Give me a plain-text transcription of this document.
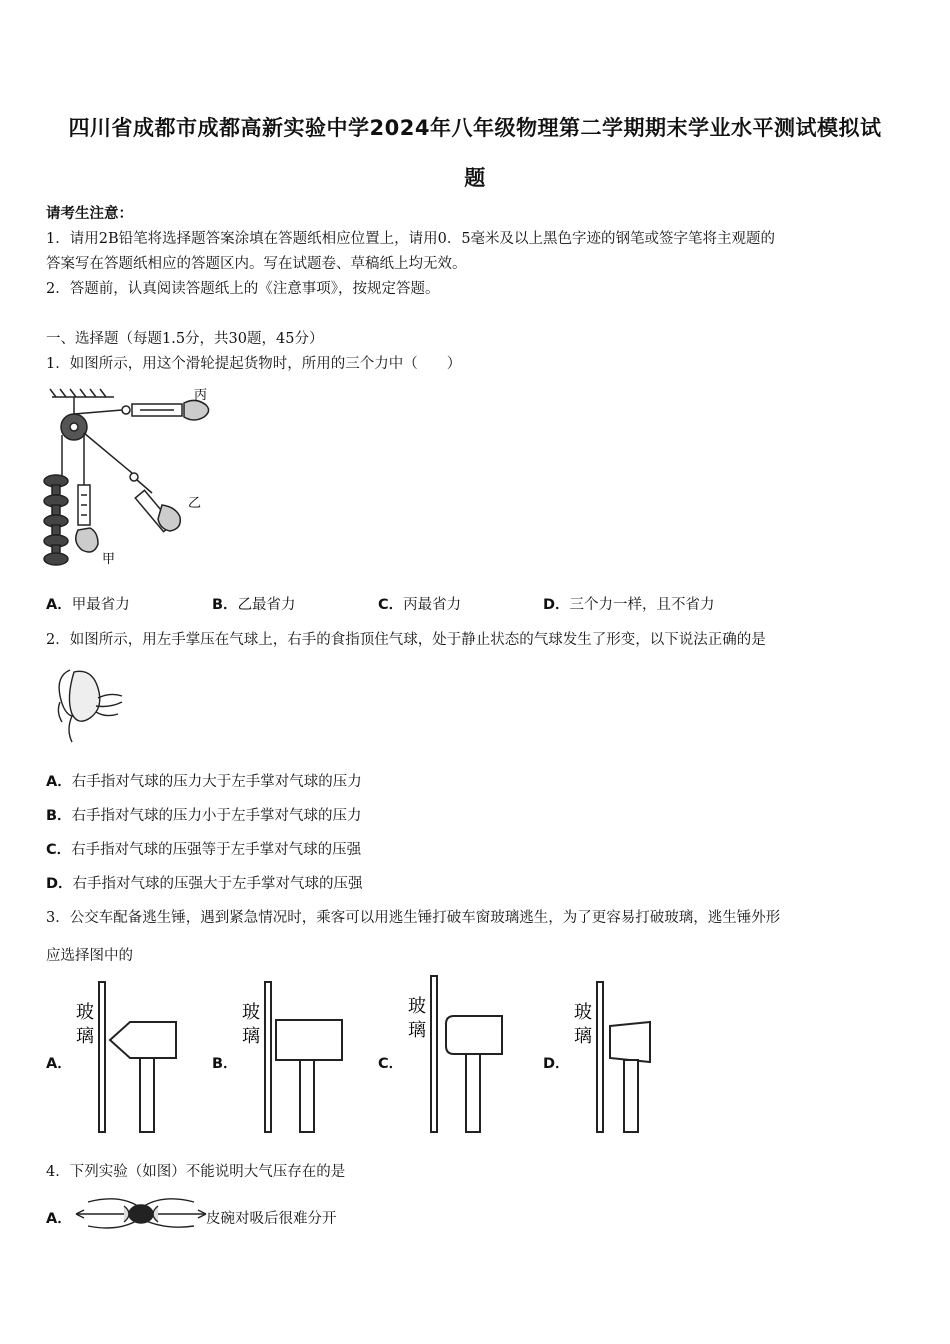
四川省成都市成都高新实验中学2024年八年级物理第二学期期末学业水平测试模拟试
题
请考生注意：
1．请用2B铅笔将选择题答案涂填在答题纸相应位置上，请用0．5毫米及以上黑色字迹的钢笔或签字笔将主观题的
答案写在答题纸相应的答题区内。写在试题卷、草稿纸上均无效。
2．答题前，认真阅读答题纸上的《注意事项》，按规定答题。
一、选择题（每题1.5分，共30题，45分）
1．如图所示，用这个滑轮提起货物时，所用的三个力中（　　）
丙
乙
甲
A．甲最省力	B．乙最省力	C．丙最省力	D．三个力一样，且不省力
2．如图所示，用左手掌压在气球上，右手的食指顶住气球，处于静止状态的气球发生了形变，以下说法正确的是
A．右手指对气球的压力大于左手掌对气球的压力
B．右手指对气球的压力小于左手掌对气球的压力
C．右手指对气球的压强等于左手掌对气球的压强
D．右手指对气球的压强大于左手掌对气球的压强
3．公交车配备逃生锤，遇到紧急情况时，乘客可以用逃生锤打破车窗玻璃逃生，为了更容易打破玻璃，逃生锤外形
应选择图中的
A．
玻
璃
B．
玻
璃
C．
玻
璃
D．
玻
璃
4．下列实验（如图）不能说明大气压存在的是
A．	皮碗对吸后很难分开
